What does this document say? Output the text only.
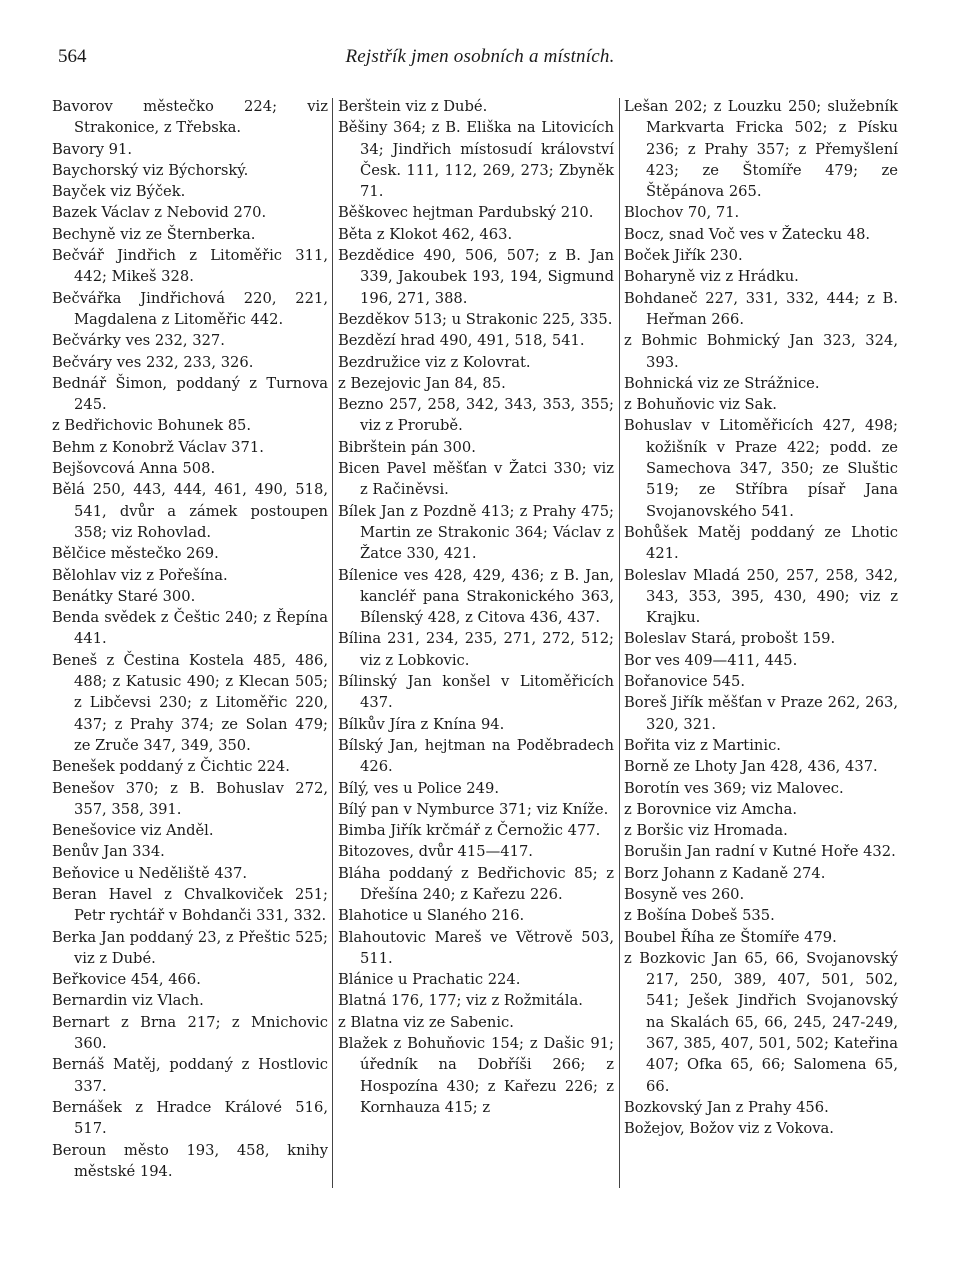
564	Rejstřík jmen osobních a místních.

Bavorov městečko 224; viz Strakonice, z Třebska.

Bavory 91.

Baychorský viz Býchorský.

Bayček viz Býček.

Bazek Václav z Nebovid 270.

Bechyně viz ze Šternberka.

Bečvář Jindřich z Litoměřic 311, 442; Mikeš 328.

Bečvářka Jindřichová 220, 221, Magdalena z Litoměřic 442.

Bečvárky ves 232, 327.

Bečváry ves 232, 233, 326.

Bednář Šimon, poddaný z Turnova 245.

z Bedřichovic Bohunek 85.

Behm z Konobrž Václav 371.

Bejšovcová Anna 508.

Bělá 250, 443, 444, 461, 490, 518, 541, dvůr a zámek postoupen 358; viz Rohovlad.

Bělčice městečko 269.

Bělohlav viz z Pořešína.

Benátky Staré 300.

Benda svědek z Češtic 240; z Řepína 441.

Beneš z Čestina Kostela 485, 486, 488; z Katusic 490; z Klecan 505; z Libčevsi 230; z Litoměřic 220, 437; z Prahy 374; ze Solan 479; ze Zruče 347, 349, 350.

Benešek poddaný z Čichtic 224.

Benešov 370; z B. Bohuslav 272, 357, 358, 391.

Benešovice viz Anděl.

Benův Jan 334.

Beňovice u Neděliště 437.

Beran Havel z Chvalkoviček 251; Petr rychtář v Bohdanči 331, 332.

Berka Jan poddaný 23, z Přeštic 525; viz z Dubé.

Beřkovice 454, 466.

Bernardin viz Vlach.

Bernart z Brna 217; z Mnichovic 360.

Bernáš Matěj, poddaný z Hostlovic 337.

Bernášek z Hradce Králové 516, 517.

Beroun město 193, 458, knihy městské 194.

Berštein viz z Dubé.

Běšiny 364; z B. Eliška na Litovicích 34; Jindřich místosudí království Česk. 111, 112, 269, 273; Zbyněk 71.

Běškovec hejtman Pardubský 210.

Běta z Klokot 462, 463.

Bezdědice 490, 506, 507; z B. Jan 339, Jakoubek 193, 194, Sigmund 196, 271, 388.

Bezděkov 513; u Strakonic 225, 335.

Bezdězí hrad 490, 491, 518, 541.

Bezdružice viz z Kolovrat.

z Bezejovic Jan 84, 85.

Bezno 257, 258, 342, 343, 353, 355; viz z Prorubě.

Bibrštein pán 300.

Bicen Pavel měšťan v Žatci 330; viz z Račiněvsi.

Bílek Jan z Pozdně 413; z Prahy 475; Martin ze Strakonic 364; Václav z Žatce 330, 421.

Bílenice ves 428, 429, 436; z B. Jan, kancléř pana Strakonického 363, Bílenský 428, z Citova 436, 437.

Bílina 231, 234, 235, 271, 272, 512; viz z Lobkovic.

Bílinský Jan konšel v Litoměřicích 437.

Bílkův Jíra z Knína 94.

Bílský Jan, hejtman na Poděbradech 426.

Bílý, ves u Police 249.

Bílý pan v Nymburce 371; viz Kníže.

Bimba Jiřík krčmář z Černožic 477.

Bitozoves, dvůr 415—417.

Bláha poddaný z Bedřichovic 85; z Dřešína 240; z Kařezu 226.

Blahotice u Slaného 216.

Blahoutovic Mareš ve Větrově 503, 511.

Blánice u Prachatic 224.

Blatná 176, 177; viz z Rožmitála.

z Blatna viz ze Sabenic.

Blažek z Bohuňovic 154; z Dašic 91; úředník na Dobříši 266; z Hospozína 430; z Kařezu 226; z Kornhauza 415; z

Lešan 202; z Louzku 250; služebník Markvarta Fricka 502; z Písku 236; z Prahy 357; z Přemyšlení 423; ze Štomíře 479; ze Štěpánova 265.

Blochov 70, 71.

Bocz, snad Voč ves v Žatecku 48.

Boček Jiřík 230.

Boharyně viz z Hrádku.

Bohdaneč 227, 331, 332, 444; z B. Heřman 266.

z Bohmic Bohmický Jan 323, 324, 393.

Bohnická viz ze Strážnice.

z Bohuňovic viz Sak.

Bohuslav v Litoměřicích 427, 498; kožišník v Praze 422; podd. ze Samechova 347, 350; ze Sluštic 519; ze Stříbra písař Jana Svojanovského 541.

Bohůšek Matěj poddaný ze Lhotic 421.

Boleslav Mladá 250, 257, 258, 342, 343, 353, 395, 430, 490; viz z Krajku.

Boleslav Stará, probošt 159.

Bor ves 409—411, 445.

Bořanovice 545.

Boreš Jiřík měšťan v Praze 262, 263, 320, 321.

Bořita viz z Martinic.

Borně ze Lhoty Jan 428, 436, 437.

Borotín ves 369; viz Malovec.

z Borovnice viz Amcha.

z Boršic viz Hromada.

Borušin Jan radní v Kutné Hoře 432.

Borz Johann z Kadaně 274.

Bosyně ves 260.

z Bošína Dobeš 535.

Boubel Říha ze Štomíře 479.

z Bozkovic Jan 65, 66, Svojanovský 217, 250, 389, 407, 501, 502, 541; Ješek Jindřich Svojanovský na Skalách 65, 66, 245, 247-249, 367, 385, 407, 501, 502; Kateřina 407; Ofka 65, 66; Salomena 65, 66.

Bozkovský Jan z Prahy 456.

Božejov, Božov viz z Vokova.
